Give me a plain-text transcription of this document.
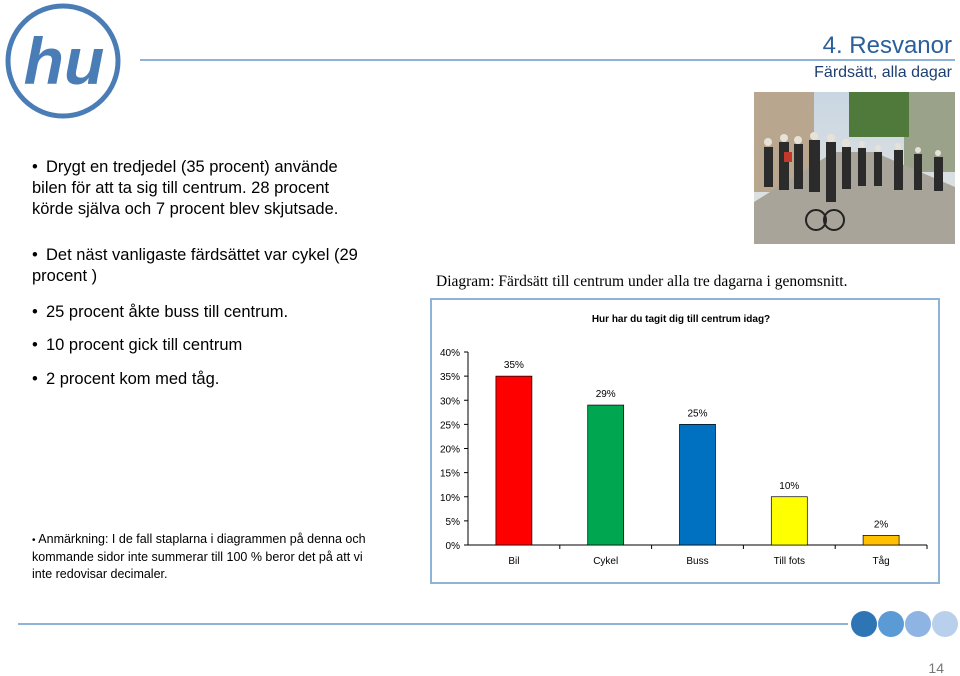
hu	4. Resvanor
Färdsätt, alla dagar
• Drygt en tredjedel (35 procent) använde bilen för att ta sig till centrum. 28 procent körde själva och 7 procent blev skjutsade.
• Det näst vanligaste färdsättet var cykel (29 procent )
• 25 procent åkte buss till centrum.
• 10 procent gick till centrum
• 2 procent kom med tåg.
• Anmärkning: I de fall staplarna i diagrammen på denna och kommande sidor inte summerar till 100 % beror det på att vi inte redovisar decimaler.
Diagram: Färdsätt till centrum under alla tre dagarna i genomsnitt.
Hur har du tagit dig till centrum idag?
0%
5%
10%
15%
20%
25%
30%
35%
40%
35%
Bil
29%
Cykel
25%
Buss
10%
Till fots
2%
Tåg
14
